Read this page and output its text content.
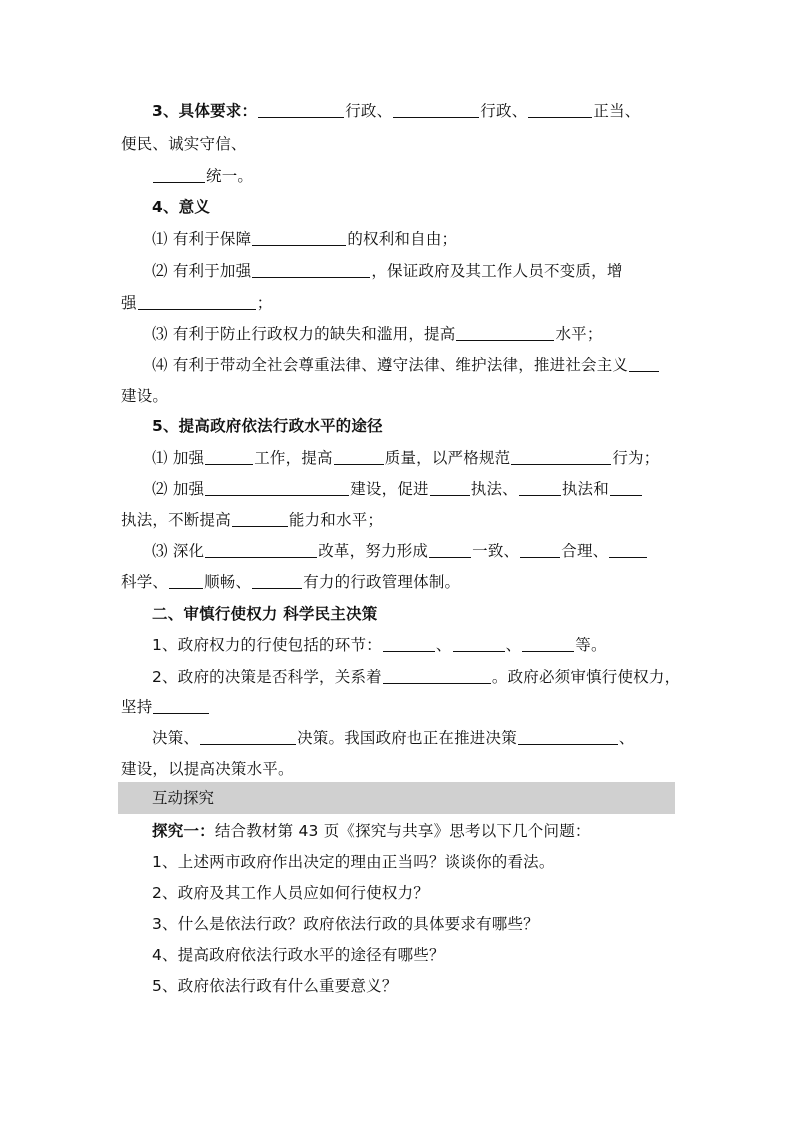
3、具体要求：	行政、	行政、	正当、
便民、诚实守信、
统一。
4、意义
⑴ 有利于保障	的权利和自由；
⑵ 有利于加强	，保证政府及其工作人员不变质，增
强	；
⑶ 有利于防止行政权力的缺失和滥用，提高	水平；
⑷ 有利于带动全社会尊重法律、遵守法律、维护法律，推进社会主义
建设。
5、提高政府依法行政水平的途径
⑴ 加强	工作，提高	质量，以严格规范	行为；
⑵ 加强	建设，促进	执法、	执法和
执法，不断提高	能力和水平；
⑶ 深化	改革，努力形成	一致、	合理、
科学、 顺畅、	有力的行政管理体制。
二、审慎行使权力 科学民主决策
1、政府权力的行使包括的环节：	、	、	等。
2、政府的决策是否科学，关系着	。政府必须审慎行使权力，
坚持
决策、	决策。我国政府也正在推进决策	、
建设，以提高决策水平。
互动探究
探究一：结合教材第 43 页《探究与共享》思考以下几个问题：
1、上述两市政府作出决定的理由正当吗？谈谈你的看法。
2、政府及其工作人员应如何行使权力？
3、什么是依法行政？政府依法行政的具体要求有哪些？
4、提高政府依法行政水平的途径有哪些？
5、政府依法行政有什么重要意义？
